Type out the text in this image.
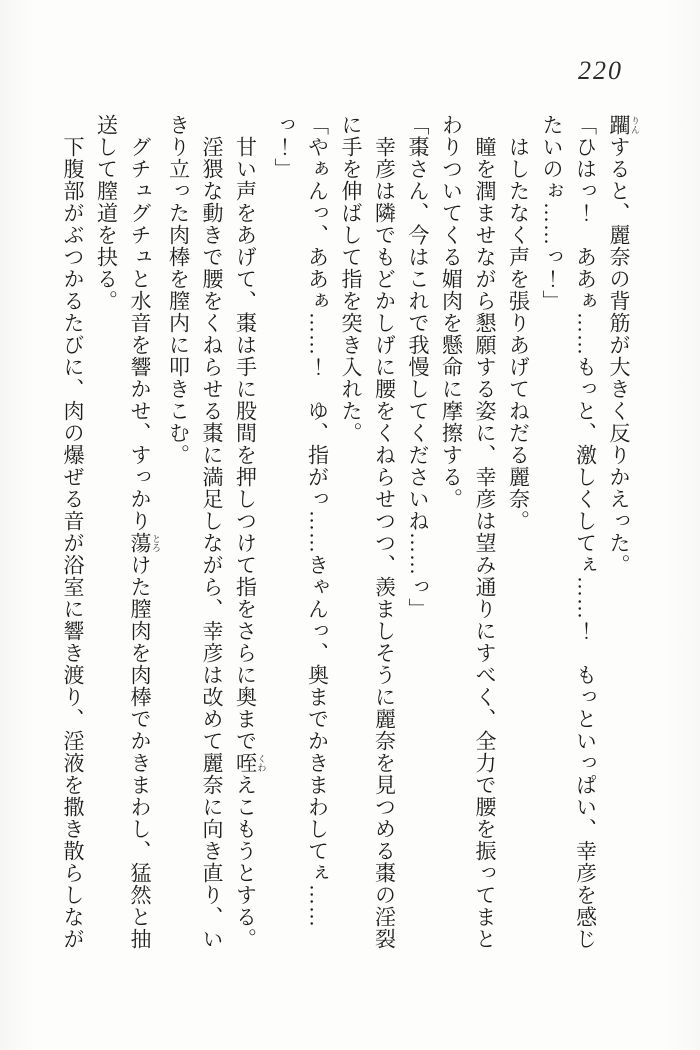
220

躙 りんすると、麗奈の背筋が大きく反りかえった。

「ひはっ！　ああぁ……もっと、激しくしてぇ……！　もっといっぱい、幸彦を感じ

たいのぉ……っ！」

はしたなく声を張りあげてねだる麗奈。

瞳を潤ませながら懇願する姿に、幸彦は望み通りにすべく、全力で腰を振ってまと

わりついてくる媚肉を懸命に摩擦する。

「棗さん、今はこれで我慢してくださいね……っ」

幸彦は隣でもどかしげに腰をくねらせつつ、羨ましそうに麗奈を見つめる棗の淫裂

に手を伸ばして指を突き入れた。

「やぁんっ、ああぁ……！　ゆ、指がっ……きゃんっ、奥までかきまわしてぇ……

っ！」

甘い声をあげて、棗は手に股間を押しつけて指をさらに奥まで咥 くわえこもうとする。

淫猥な動きで腰をくねらせる棗に満足しながら、幸彦は改めて麗奈に向き直り、い

きり立った肉棒を膣内に叩きこむ。

グチュグチュと水音を響かせ、すっかり蕩 とろけた膣肉を肉棒でかきまわし、猛然と抽

送して膣道を抉る。

下腹部がぶつかるたびに、肉の爆ぜる音が浴室に響き渡り、淫液を撒き散らしなが
